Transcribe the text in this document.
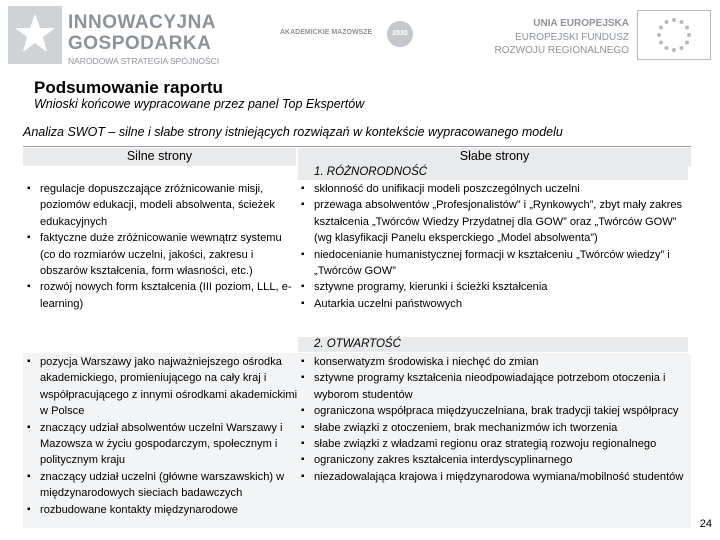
INNOWACYJNA
GOSPODARKA
NARODOWA STRATEGIA SPÓJNOŚCI
AKADEMICKIE MAZOWSZE	2030
UNIA EUROPEJSKA
EUROPEJSKI FUNDUSZ
ROZWOJU REGIONALNEGO
Podsumowanie raportu
Wnioski końcowe wypracowane przez panel Top Ekspertów
Analiza SWOT – silne i słabe strony istniejących rozwiązań w kontekście wypracowanego modelu
Silne strony	Słabe strony
1. RÓŻNORODNOŚĆ
▪ regulacje dopuszczające zróżnicowanie misji, poziomów edukacji, modeli absolwenta, ścieżek edukacyjnych
▪ faktyczne duże zróżnicowanie wewnątrz systemu (co do rozmiarów uczelni, jakości, zakresu i obszarów kształcenia, form własności, etc.)
▪ rozwój nowych form kształcenia (III poziom, LLL, e-learning)
▪ skłonność do unifikacji modeli poszczególnych uczelni
▪ przewaga absolwentów „Profesjonalistów” i „Rynkowych”, zbyt mały zakres kształcenia „Twórców Wiedzy Przydatnej dla GOW” oraz „Twórców GOW” (wg klasyfikacji Panelu eksperckiego „Model absolwenta”)
▪ niedocenianie humanistycznej formacji w kształceniu „Twórców wiedzy” i „Twórców GOW”
▪ sztywne programy, kierunki i ścieżki kształcenia
▪ Autarkia uczelni państwowych
2. OTWARTOŚĆ
▪ pozycja Warszawy jako najważniejszego ośrodka akademickiego, promieniującego na cały kraj i współpracującego z innymi ośrodkami akademickimi w Polsce
▪ znaczący udział absolwentów uczelni Warszawy i Mazowsza w życiu gospodarczym, społecznym i politycznym kraju
▪ znaczący udział uczelni (główne warszawskich) w międzynarodowych sieciach badawczych
▪ rozbudowane kontakty międzynarodowe
▪ konserwatyzm środowiska i niechęć do zmian
▪ sztywne programy kształcenia nieodpowiadające potrzebom otoczenia i wyborom studentów
▪ ograniczona współpraca międzyuczelniana, brak tradycji takiej współpracy
▪ słabe związki z otoczeniem, brak mechanizmów ich tworzenia
▪ słabe związki z władzami regionu oraz strategią rozwoju regionalnego
▪ ograniczony zakres kształcenia interdyscyplinarnego
▪ niezadowalająca krajowa i międzynarodowa wymiana/mobilność studentów
24
